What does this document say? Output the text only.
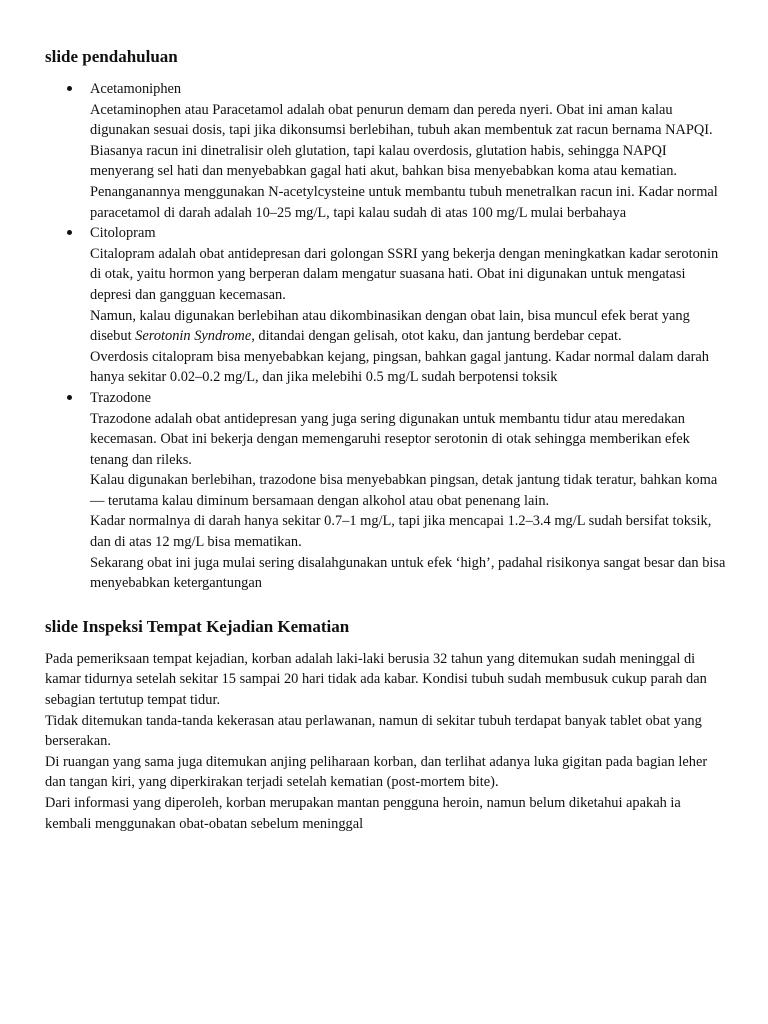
slide pendahuluan
Acetamoniphen
Acetaminophen atau Paracetamol adalah obat penurun demam dan pereda nyeri. Obat ini aman kalau digunakan sesuai dosis, tapi jika dikonsumsi berlebihan, tubuh akan membentuk zat racun bernama NAPQI. Biasanya racun ini dinetralisir oleh glutation, tapi kalau overdosis, glutation habis, sehingga NAPQI menyerang sel hati dan menyebabkan gagal hati akut, bahkan bisa menyebabkan koma atau kematian.
Penanganannya menggunakan N-acetylcysteine untuk membantu tubuh menetralkan racun ini. Kadar normal paracetamol di darah adalah 10–25 mg/L, tapi kalau sudah di atas 100 mg/L mulai berbahaya
Citolopram
Citalopram adalah obat antidepresan dari golongan SSRI yang bekerja dengan meningkatkan kadar serotonin di otak, yaitu hormon yang berperan dalam mengatur suasana hati. Obat ini digunakan untuk mengatasi depresi dan gangguan kecemasan.
Namun, kalau digunakan berlebihan atau dikombinasikan dengan obat lain, bisa muncul efek berat yang disebut Serotonin Syndrome, ditandai dengan gelisah, otot kaku, dan jantung berdebar cepat.
Overdosis citalopram bisa menyebabkan kejang, pingsan, bahkan gagal jantung. Kadar normal dalam darah hanya sekitar 0.02–0.2 mg/L, dan jika melebihi 0.5 mg/L sudah berpotensi toksik
Trazodone
Trazodone adalah obat antidepresan yang juga sering digunakan untuk membantu tidur atau meredakan kecemasan. Obat ini bekerja dengan memengaruhi reseptor serotonin di otak sehingga memberikan efek tenang dan rileks.
Kalau digunakan berlebihan, trazodone bisa menyebabkan pingsan, detak jantung tidak teratur, bahkan koma — terutama kalau diminum bersamaan dengan alkohol atau obat penenang lain.
Kadar normalnya di darah hanya sekitar 0.7–1 mg/L, tapi jika mencapai 1.2–3.4 mg/L sudah bersifat toksik, dan di atas 12 mg/L bisa mematikan.
Sekarang obat ini juga mulai sering disalahgunakan untuk efek ‘high’, padahal risikonya sangat besar dan bisa menyebabkan ketergantungan
slide Inspeksi Tempat Kejadian Kematian

Pada pemeriksaan tempat kejadian, korban adalah laki-laki berusia 32 tahun yang ditemukan sudah meninggal di kamar tidurnya setelah sekitar 15 sampai 20 hari tidak ada kabar. Kondisi tubuh sudah membusuk cukup parah dan sebagian tertutup tempat tidur.

Tidak ditemukan tanda-tanda kekerasan atau perlawanan, namun di sekitar tubuh terdapat banyak tablet obat yang berserakan.

Di ruangan yang sama juga ditemukan anjing peliharaan korban, dan terlihat adanya luka gigitan pada bagian leher dan tangan kiri, yang diperkirakan terjadi setelah kematian (post-mortem bite).

Dari informasi yang diperoleh, korban merupakan mantan pengguna heroin, namun belum diketahui apakah ia kembali menggunakan obat-obatan sebelum meninggal
